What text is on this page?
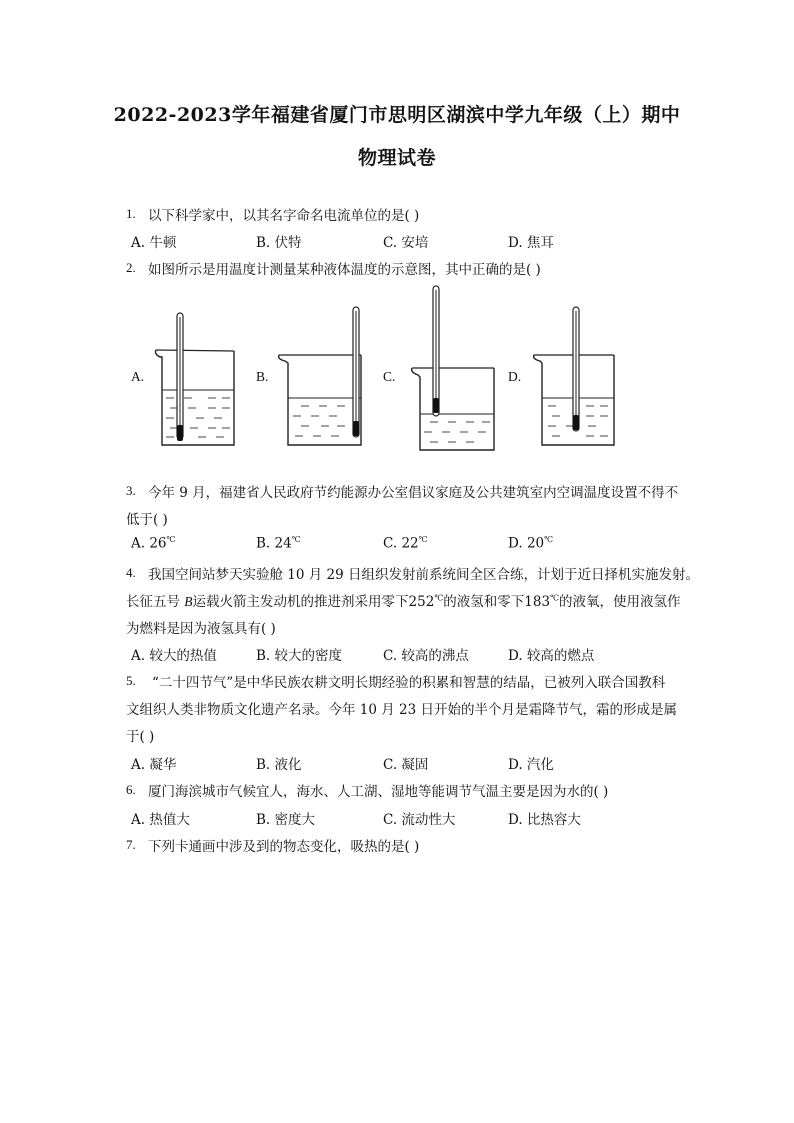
2022-2023学年福建省厦门市思明区湖滨中学九年级（上）期中
物理试卷
1. 以下科学家中，以其名字命名电流单位的是( )
A. 牛顿	B. 伏特	C. 安培	D. 焦耳
2. 如图所示是用温度计测量某种液体温度的示意图，其中正确的是( )
A.	B.	C.	D.
3. 今年 9 月，福建省人民政府节约能源办公室倡议家庭及公共建筑室内空调温度设置不得不
低于( )
A. 26℃	B. 24℃	C. 22℃	D. 20℃
4. 我国空间站梦天实验舱 10 月 29 日组织发射前系统间全区合练，计划于近日择机实施发射。
长征五号 B运载火箭主发动机的推进剂采用零下252℃的液氢和零下183℃的液氧，使用液氢作
为燃料是因为液氢具有( )
A. 较大的热值	B. 较大的密度	C. 较高的沸点	D. 较高的燃点
5. “二十四节气”是中华民族农耕文明长期经验的积累和智慧的结晶，已被列入联合国教科
文组织人类非物质文化遗产名录。今年 10 月 23 日开始的半个月是霜降节气，霜的形成是属
于( )
A. 凝华	B. 液化	C. 凝固	D. 汽化
6. 厦门海滨城市气候宜人，海水、人工湖、湿地等能调节气温主要是因为水的( )
A. 热值大	B. 密度大	C. 流动性大	D. 比热容大
7. 下列卡通画中涉及到的物态变化，吸热的是( )
